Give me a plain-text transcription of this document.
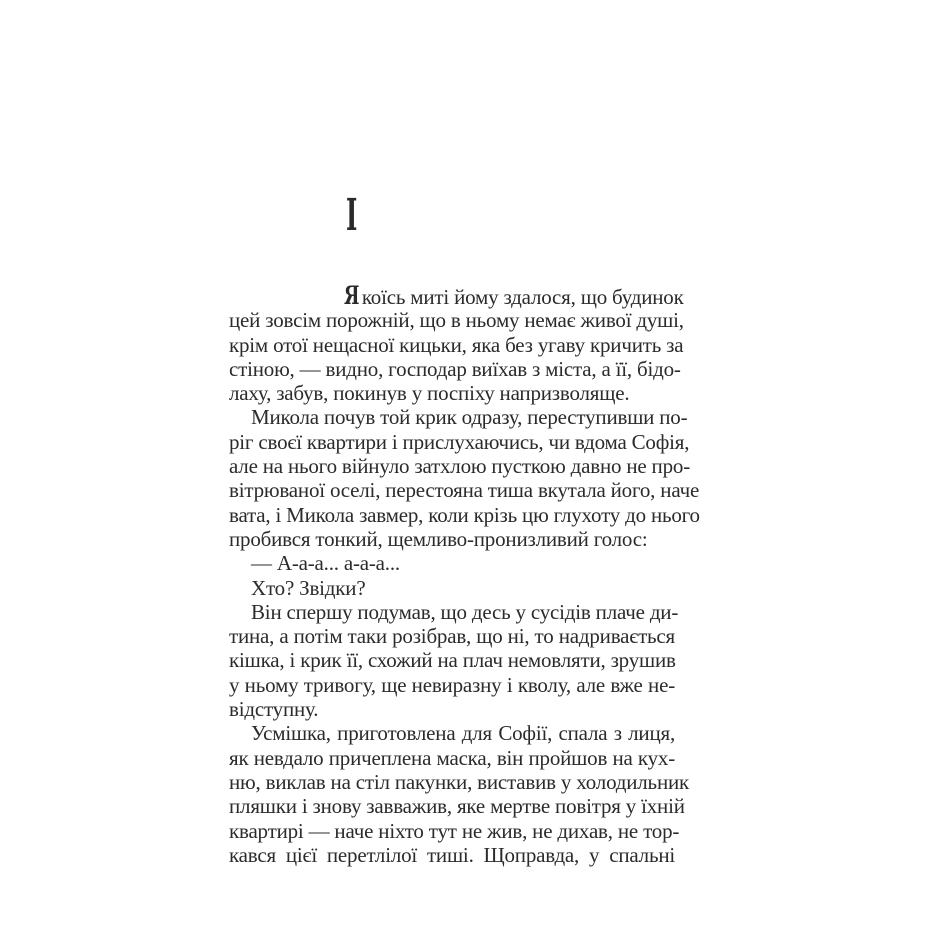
І
Я коїсь миті йому здалося, що будинок
цей зовсім порожній, що в ньому немає живої душі,
крім отої нещасної кицьки, яка без угаву кричить за
стіною, — видно, господар виїхав з міста, а її, бідо-
лаху, забув, покинув у поспіху напризволяще.
Микола почув той крик одразу, переступивши по-
ріг своєї квартири і прислухаючись, чи вдома Софія,
але на нього війнуло затхлою пусткою давно не про-
вітрюваної оселі, перестояна тиша вкутала його, наче
вата, і Микола завмер, коли крізь цю глухоту до нього
пробився тонкий, щемливо-пронизливий голос:
— А-а-а... а-а-а...
Хто? Звідки?
Він спершу подумав, що десь у сусідів плаче ди-
тина, а потім таки розібрав, що ні, то надривається
кішка, і крик її, схожий на плач немовляти, зрушив
у ньому тривогу, ще невиразну і кволу, але вже не-
відступну.
Усмішка, приготовлена для Софії, спала з лиця,
як невдало причеплена маска, він пройшов на кух-
ню, виклав на стіл пакунки, виставив у холодильник
пляшки і знову завважив, яке мертве повітря у їхній
квартирі — наче ніхто тут не жив, не дихав, не тор-
кався цієї перетлілої тиші. Щоправда, у спальні
